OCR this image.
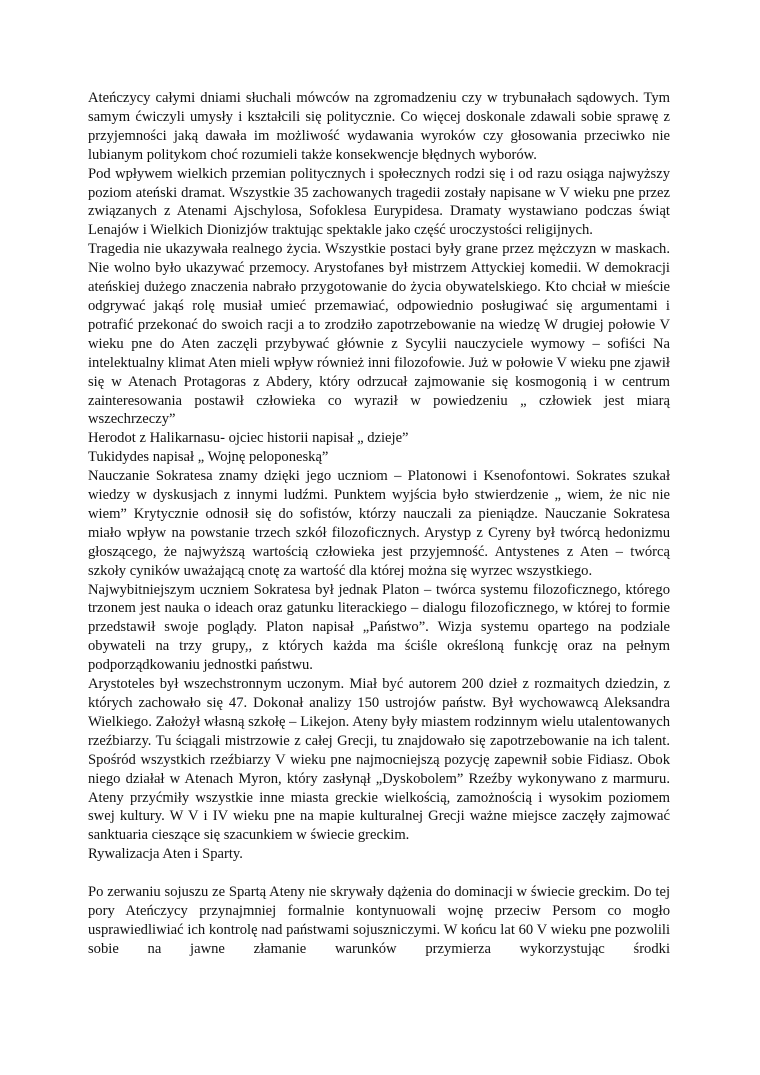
Ateńczycy całymi dniami słuchali mówców na zgromadzeniu czy w trybunałach sądowych. Tym samym ćwiczyli umysły i kształcili się politycznie. Co więcej doskonale zdawali sobie sprawę z przyjemności jaką dawała im możliwość wydawania wyroków czy głosowania przeciwko nie lubianym politykom choć rozumieli także konsekwencje błędnych wyborów.

Pod wpływem wielkich przemian politycznych i społecznych rodzi się i od razu osiąga najwyższy poziom ateński dramat. Wszystkie 35 zachowanych tragedii zostały napisane w V wieku pne przez związanych z Atenami Ajschylosa, Sofoklesa Eurypidesa. Dramaty wystawiano podczas świąt Lenajów i Wielkich Dionizjów traktując spektakle jako część uroczystości religijnych.

Tragedia nie ukazywała realnego życia. Wszystkie postaci były grane przez mężczyzn w maskach. Nie wolno było ukazywać przemocy. Arystofanes był mistrzem Attyckiej komedii. W demokracji ateńskiej dużego znaczenia nabrało przygotowanie do życia obywatelskiego. Kto chciał w mieście odgrywać jakąś rolę musiał umieć przemawiać, odpowiednio posługiwać się argumentami i potrafić przekonać do swoich racji a to zrodziło zapotrzebowanie na wiedzę W drugiej połowie V wieku pne do Aten zaczęli przybywać głównie z Sycylii nauczyciele wymowy – sofiści Na intelektualny klimat Aten mieli wpływ również inni filozofowie. Już w połowie V wieku pne zjawił się w Atenach Protagoras z Abdery, który odrzucał zajmowanie się kosmogonią i w centrum zainteresowania postawił człowieka co wyraził w powiedzeniu „ człowiek jest miarą wszechrzeczy”

Herodot z Halikarnasu- ojciec historii napisał „ dzieje”

Tukidydes napisał „ Wojnę peloponeską”

Nauczanie Sokratesa znamy dzięki jego uczniom – Platonowi i Ksenofontowi. Sokrates szukał wiedzy w dyskusjach z innymi ludźmi. Punktem wyjścia było stwierdzenie „ wiem, że nic nie wiem” Krytycznie odnosił się do sofistów, którzy nauczali za pieniądze. Nauczanie Sokratesa miało wpływ na powstanie trzech szkół filozoficznych. Arystyp z Cyreny był twórcą hedonizmu głoszącego, że najwyższą wartością człowieka jest przyjemność. Antystenes z Aten – twórcą szkoły cyników uważającą cnotę za wartość dla której można się wyrzec wszystkiego.

Najwybitniejszym uczniem Sokratesa był jednak Platon – twórca systemu filozoficznego, którego trzonem jest nauka o ideach oraz gatunku literackiego – dialogu filozoficznego, w której to formie przedstawił swoje poglądy. Platon napisał „Państwo”. Wizja systemu opartego na podziale obywateli na trzy grupy,, z których każda ma ściśle określoną funkcję oraz na pełnym podporządkowaniu jednostki państwu.

Arystoteles był wszechstronnym uczonym. Miał być autorem 200 dzieł z rozmaitych dziedzin, z których zachowało się 47. Dokonał analizy 150 ustrojów państw. Był wychowawcą Aleksandra Wielkiego. Założył własną szkołę – Likejon. Ateny były miastem rodzinnym wielu utalentowanych rzeźbiarzy. Tu ściągali mistrzowie z całej Grecji, tu znajdowało się zapotrzebowanie na ich talent. Spośród wszystkich rzeźbiarzy V wieku pne najmocniejszą pozycję zapewnił sobie Fidiasz. Obok niego działał w Atenach Myron, który zasłynął „Dyskobolem” Rzeźby wykonywano z marmuru. Ateny przyćmiły wszystkie inne miasta greckie wielkością, zamożnością i wysokim poziomem swej kultury. W V i IV wieku pne na mapie kulturalnej Grecji ważne miejsce zaczęły zajmować sanktuaria cieszące się szacunkiem w świecie greckim.

Rywalizacja Aten i Sparty.

Po zerwaniu sojuszu ze Spartą Ateny nie skrywały dążenia do dominacji w świecie greckim. Do tej pory Ateńczycy przynajmniej formalnie kontynuowali wojnę przeciw Persom co mogło usprawiedliwiać ich kontrolę nad państwami sojuszniczymi. W końcu lat 60 V wieku pne pozwolili sobie na jawne złamanie warunków przymierza wykorzystując środki
